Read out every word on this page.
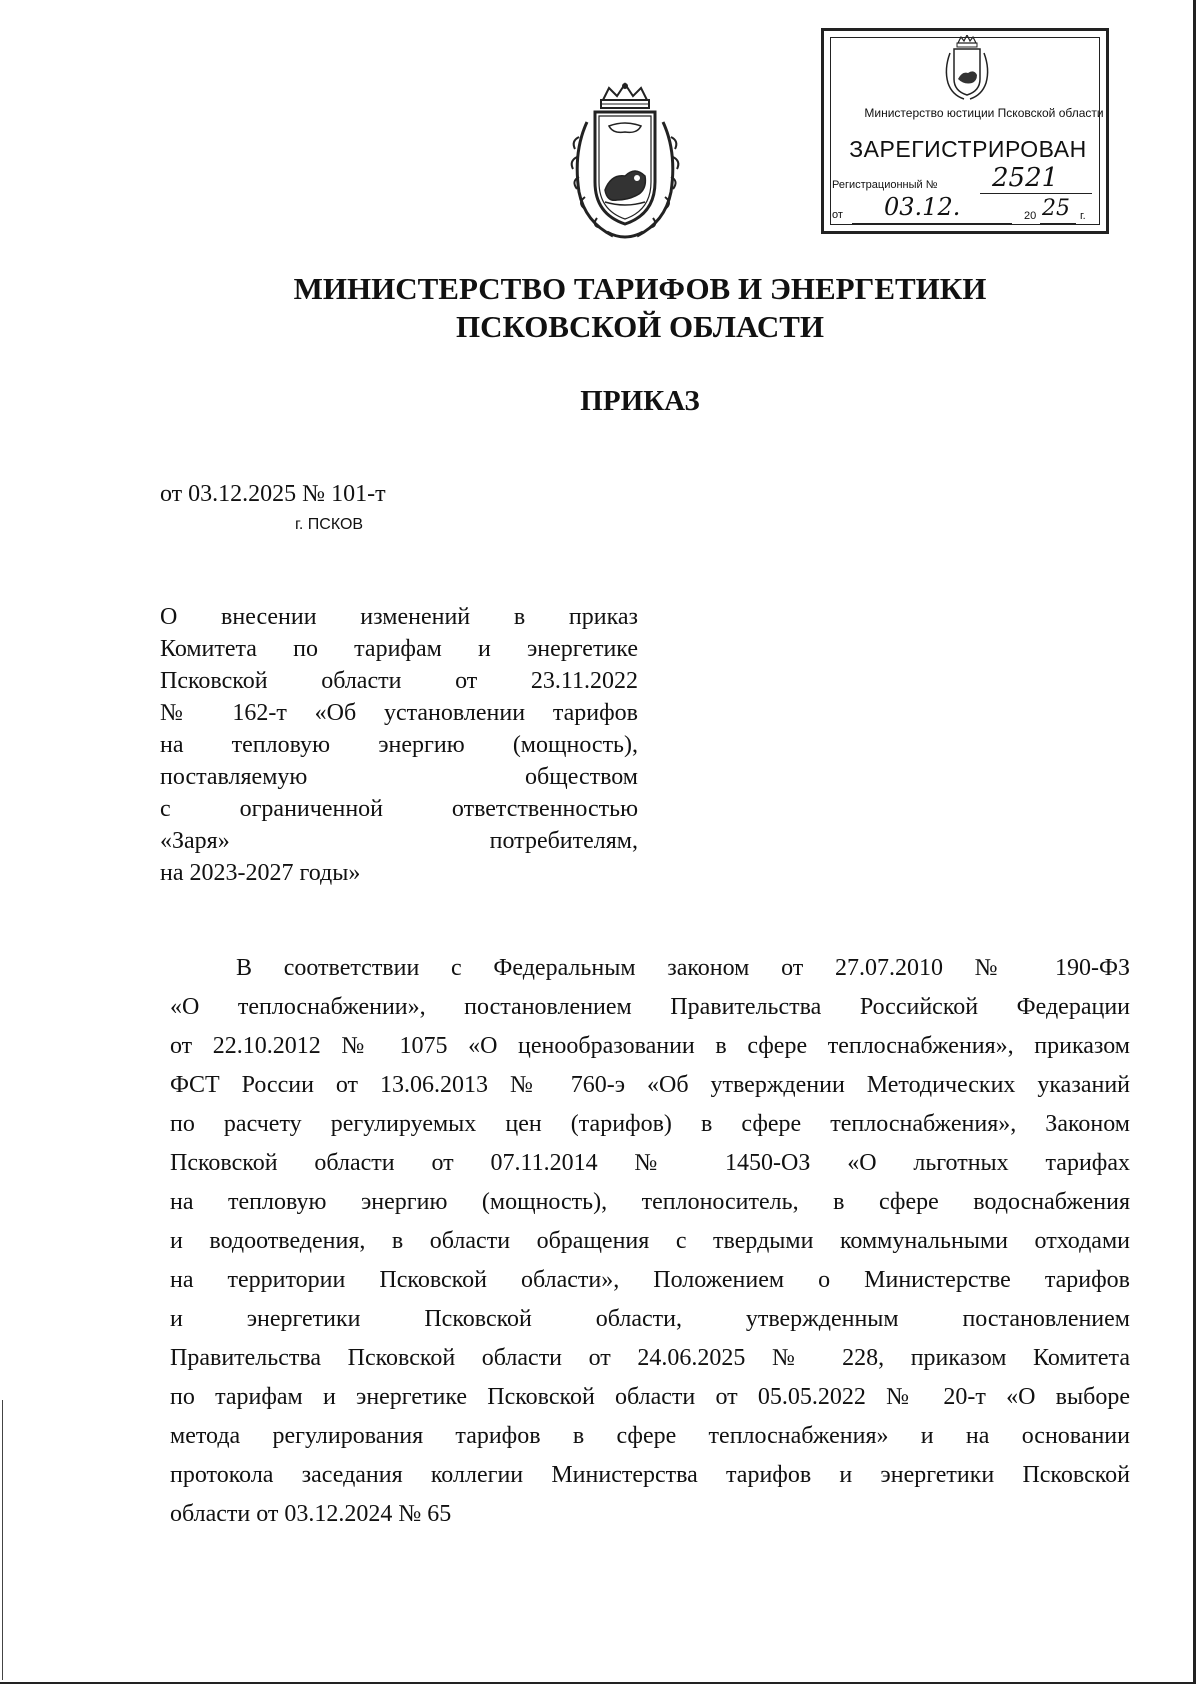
Министерство юстиции Псковской области
ЗАРЕГИСТРИРОВАН
Регистрационный № 2521
от 03.12.	20 25 г.
МИНИСТЕРСТВО ТАРИФОВ И ЭНЕРГЕТИКИ
ПСКОВСКОЙ ОБЛАСТИ
ПРИКАЗ
от 03.12.2025 № 101-т
г. ПСКОВ
О внесении изменений в приказ
Комитета по тарифам и энергетике
Псковской области от 23.11.2022
№ 162-т «Об установлении тарифов
на тепловую энергию (мощность),
поставляемую обществом
с ограниченной ответственностью
«Заря» потребителям,
на 2023-2027 годы»
В соответствии с Федеральным законом от 27.07.2010 № 190-ФЗ
«О теплоснабжении», постановлением Правительства Российской Федерации
от 22.10.2012 № 1075 «О ценообразовании в сфере теплоснабжения», приказом
ФСТ России от 13.06.2013 № 760-э «Об утверждении Методических указаний
по расчету регулируемых цен (тарифов) в сфере теплоснабжения», Законом
Псковской области от 07.11.2014 № 1450-ОЗ «О льготных тарифах
на тепловую энергию (мощность), теплоноситель, в сфере водоснабжения
и водоотведения, в области обращения с твердыми коммунальными отходами
на территории Псковской области», Положением о Министерстве тарифов
и энергетики Псковской области, утвержденным постановлением
Правительства Псковской области от 24.06.2025 № 228, приказом Комитета
по тарифам и энергетике Псковской области от 05.05.2022 № 20-т «О выборе
метода регулирования тарифов в сфере теплоснабжения» и на основании
протокола заседания коллегии Министерства тарифов и энергетики Псковской
области от 03.12.2024 № 65
